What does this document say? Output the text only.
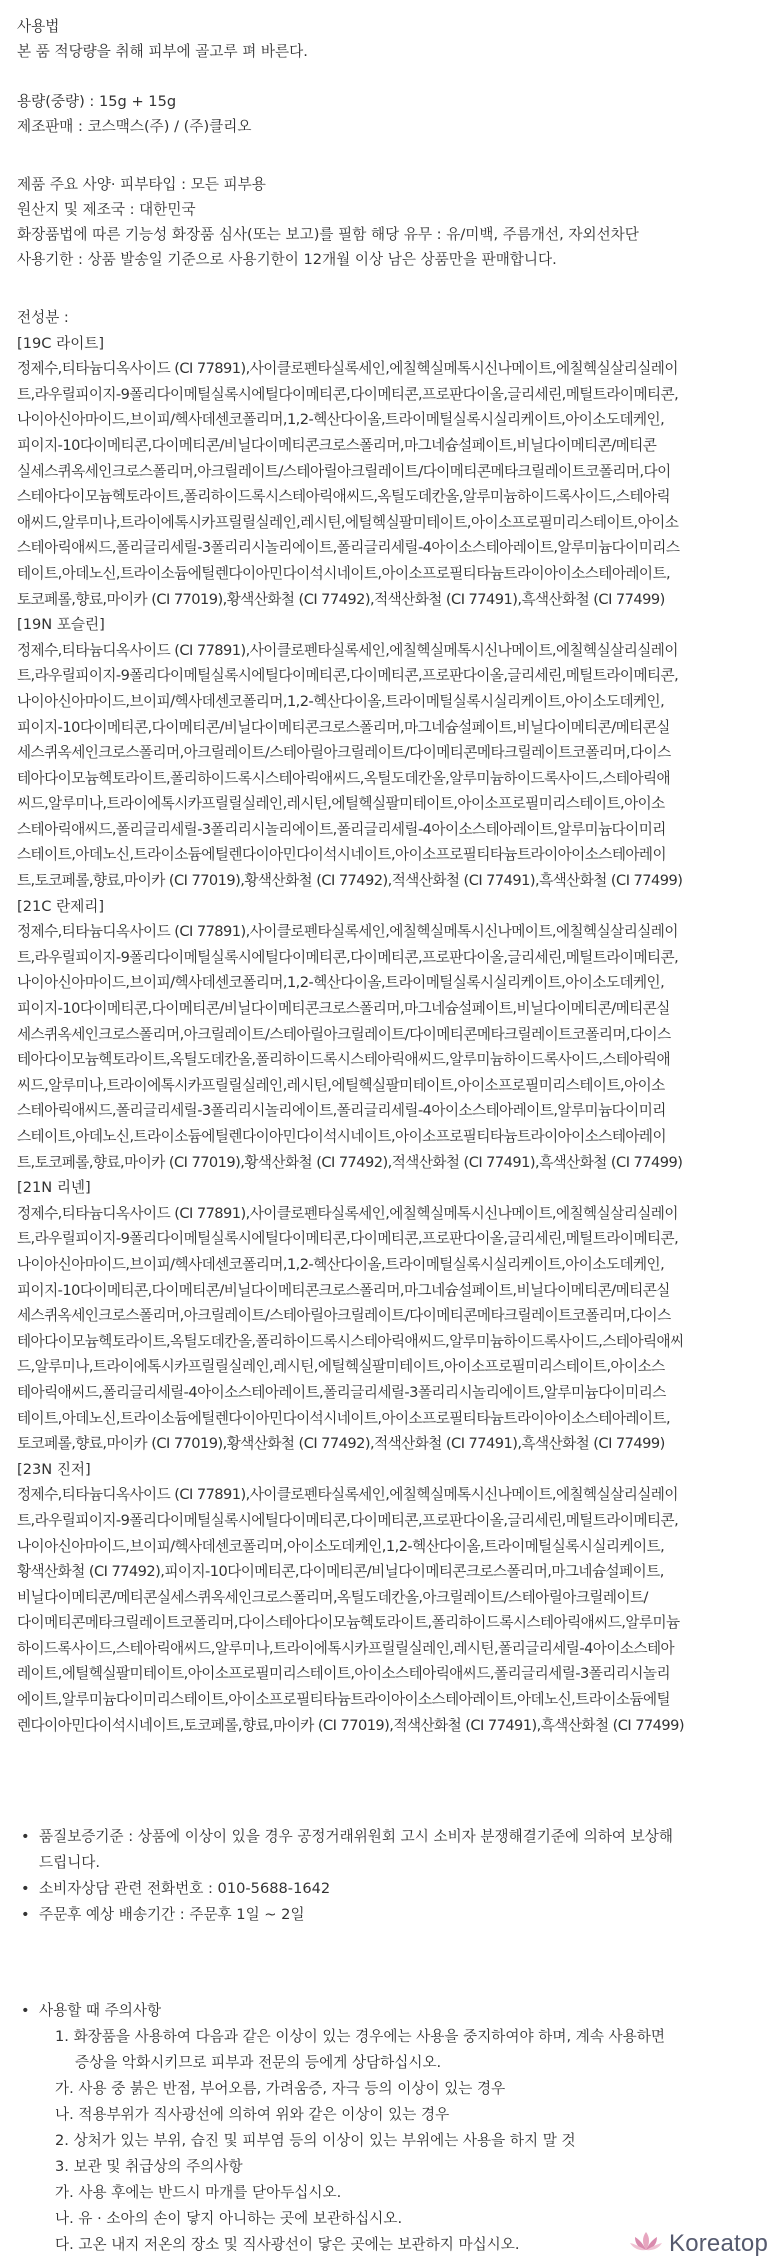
사용법
본 품 적당량을 취해 피부에 골고루 펴 바른다.
용량(중량) : 15g + 15g
제조판매 : 코스맥스(주) / (주)클리오
제품 주요 사양· 피부타입 : 모든 피부용
원산지 및 제조국 : 대한민국
화장품법에 따른 기능성 화장품 심사(또는 보고)를 필함 해당 유무 : 유/미백, 주름개선, 자외선차단
사용기한 : 상품 발송일 기준으로 사용기한이 12개월 이상 남은 상품만을 판매합니다.
전성분 :
[19C 라이트]
정제수,티타늄디옥사이드 (CI 77891),사이클로펜타실록세인,에칠헥실메톡시신나메이트,에칠헥실살리실레이
트,라우릴피이지-9폴리다이메틸실록시에틸다이메티콘,다이메티콘,프로판다이올,글리세린,메틸트라이메티콘,
나이아신아마이드,브이피/헥사데센코폴리머,1,2-헥산다이올,트라이메틸실록시실리케이트,아이소도데케인,
피이지-10다이메티콘,다이메티콘/비닐다이메티콘크로스폴리머,마그네슘설페이트,비닐다이메티콘/메티콘
실세스퀴옥세인크로스폴리머,아크릴레이트/스테아릴아크릴레이트/다이메티콘메타크릴레이트코폴리머,다이
스테아다이모늄헥토라이트,폴리하이드록시스테아릭애씨드,옥틸도데칸올,알루미늄하이드록사이드,스테아릭
애씨드,알루미나,트라이에톡시카프릴릴실레인,레시틴,에틸헥실팔미테이트,아이소프로필미리스테이트,아이소
스테아릭애씨드,폴리글리세릴-3폴리리시놀리에이트,폴리글리세릴-4아이소스테아레이트,알루미늄다이미리스
테이트,아데노신,트라이소듐에틸렌다이아민다이석시네이트,아이소프로필티타늄트라이아이소스테아레이트,
토코페롤,향료,마이카 (CI 77019),황색산화철 (CI 77492),적색산화철 (CI 77491),흑색산화철 (CI 77499)
[19N 포슬린]
정제수,티타늄디옥사이드 (CI 77891),사이클로펜타실록세인,에칠헥실메톡시신나메이트,에칠헥실살리실레이
트,라우릴피이지-9폴리다이메틸실록시에틸다이메티콘,다이메티콘,프로판다이올,글리세린,메틸트라이메티콘,
나이아신아마이드,브이피/헥사데센코폴리머,1,2-헥산다이올,트라이메틸실록시실리케이트,아이소도데케인,
피이지-10다이메티콘,다이메티콘/비닐다이메티콘크로스폴리머,마그네슘설페이트,비닐다이메티콘/메티콘실
세스퀴옥세인크로스폴리머,아크릴레이트/스테아릴아크릴레이트/다이메티콘메타크릴레이트코폴리머,다이스
테아다이모늄헥토라이트,폴리하이드록시스테아릭애씨드,옥틸도데칸올,알루미늄하이드록사이드,스테아릭애
씨드,알루미나,트라이에톡시카프릴릴실레인,레시틴,에틸헥실팔미테이트,아이소프로필미리스테이트,아이소
스테아릭애씨드,폴리글리세릴-3폴리리시놀리에이트,폴리글리세릴-4아이소스테아레이트,알루미늄다이미리
스테이트,아데노신,트라이소듐에틸렌다이아민다이석시네이트,아이소프로필티타늄트라이아이소스테아레이
트,토코페롤,향료,마이카 (CI 77019),황색산화철 (CI 77492),적색산화철 (CI 77491),흑색산화철 (CI 77499)
[21C 란제리]
정제수,티타늄디옥사이드 (CI 77891),사이클로펜타실록세인,에칠헥실메톡시신나메이트,에칠헥실살리실레이
트,라우릴피이지-9폴리다이메틸실록시에틸다이메티콘,다이메티콘,프로판다이올,글리세린,메틸트라이메티콘,
나이아신아마이드,브이피/헥사데센코폴리머,1,2-헥산다이올,트라이메틸실록시실리케이트,아이소도데케인,
피이지-10다이메티콘,다이메티콘/비닐다이메티콘크로스폴리머,마그네슘설페이트,비닐다이메티콘/메티콘실
세스퀴옥세인크로스폴리머,아크릴레이트/스테아릴아크릴레이트/다이메티콘메타크릴레이트코폴리머,다이스
테아다이모늄헥토라이트,옥틸도데칸올,폴리하이드록시스테아릭애씨드,알루미늄하이드록사이드,스테아릭애
씨드,알루미나,트라이에톡시카프릴릴실레인,레시틴,에틸헥실팔미테이트,아이소프로필미리스테이트,아이소
스테아릭애씨드,폴리글리세릴-3폴리리시놀리에이트,폴리글리세릴-4아이소스테아레이트,알루미늄다이미리
스테이트,아데노신,트라이소듐에틸렌다이아민다이석시네이트,아이소프로필티타늄트라이아이소스테아레이
트,토코페롤,향료,마이카 (CI 77019),황색산화철 (CI 77492),적색산화철 (CI 77491),흑색산화철 (CI 77499)
[21N 리넨]
정제수,티타늄디옥사이드 (CI 77891),사이클로펜타실록세인,에칠헥실메톡시신나메이트,에칠헥실살리실레이
트,라우릴피이지-9폴리다이메틸실록시에틸다이메티콘,다이메티콘,프로판다이올,글리세린,메틸트라이메티콘,
나이아신아마이드,브이피/헥사데센코폴리머,1,2-헥산다이올,트라이메틸실록시실리케이트,아이소도데케인,
피이지-10다이메티콘,다이메티콘/비닐다이메티콘크로스폴리머,마그네슘설페이트,비닐다이메티콘/메티콘실
세스퀴옥세인크로스폴리머,아크릴레이트/스테아릴아크릴레이트/다이메티콘메타크릴레이트코폴리머,다이스
테아다이모늄헥토라이트,옥틸도데칸올,폴리하이드록시스테아릭애씨드,알루미늄하이드록사이드,스테아릭애씨
드,알루미나,트라이에톡시카프릴릴실레인,레시틴,에틸헥실팔미테이트,아이소프로필미리스테이트,아이소스
테아릭애씨드,폴리글리세릴-4아이소스테아레이트,폴리글리세릴-3폴리리시놀리에이트,알루미늄다이미리스
테이트,아데노신,트라이소듐에틸렌다이아민다이석시네이트,아이소프로필티타늄트라이아이소스테아레이트,
토코페롤,향료,마이카 (CI 77019),황색산화철 (CI 77492),적색산화철 (CI 77491),흑색산화철 (CI 77499)
[23N 진저]
정제수,티타늄디옥사이드 (CI 77891),사이클로펜타실록세인,에칠헥실메톡시신나메이트,에칠헥실살리실레이
트,라우릴피이지-9폴리다이메틸실록시에틸다이메티콘,다이메티콘,프로판다이올,글리세린,메틸트라이메티콘,
나이아신아마이드,브이피/헥사데센코폴리머,아이소도데케인,1,2-헥산다이올,트라이메틸실록시실리케이트,
황색산화철 (CI 77492),피이지-10다이메티콘,다이메티콘/비닐다이메티콘크로스폴리머,마그네슘설페이트,
비닐다이메티콘/메티콘실세스퀴옥세인크로스폴리머,옥틸도데칸올,아크릴레이트/스테아릴아크릴레이트/
다이메티콘메타크릴레이트코폴리머,다이스테아다이모늄헥토라이트,폴리하이드록시스테아릭애씨드,알루미늄
하이드록사이드,스테아릭애씨드,알루미나,트라이에톡시카프릴릴실레인,레시틴,폴리글리세릴-4아이소스테아
레이트,에틸헥실팔미테이트,아이소프로필미리스테이트,아이소스테아릭애씨드,폴리글리세릴-3폴리리시놀리
에이트,알루미늄다이미리스테이트,아이소프로필티타늄트라이아이소스테아레이트,아데노신,트라이소듐에틸
렌다이아민다이석시네이트,토코페롤,향료,마이카 (CI 77019),적색산화철 (CI 77491),흑색산화철 (CI 77499)
• 품질보증기준 : 상품에 이상이 있을 경우 공정거래위원회 고시 소비자 분쟁해결기준에 의하여 보상해
드립니다.
• 소비자상담 관련 전화번호 : 010-5688-1642
• 주문후 예상 배송기간 : 주문후 1일 ~ 2일
• 사용할 때 주의사항
1. 화장품을 사용하여 다음과 같은 이상이 있는 경우에는 사용을 중지하여야 하며, 계속 사용하면
증상을 악화시키므로 피부과 전문의 등에게 상담하십시오.
가. 사용 중 붉은 반점, 부어오름, 가려움증, 자극 등의 이상이 있는 경우
나. 적용부위가 직사광선에 의하여 위와 같은 이상이 있는 경우
2. 상처가 있는 부위, 습진 및 피부염 등의 이상이 있는 부위에는 사용을 하지 말 것
3. 보관 및 취급상의 주의사항
가. 사용 후에는 반드시 마개를 닫아두십시오.
나. 유 · 소아의 손이 닿지 아니하는 곳에 보관하십시오.
다. 고온 내지 저온의 장소 및 직사광선이 닿은 곳에는 보관하지 마십시오.	Koreatop
